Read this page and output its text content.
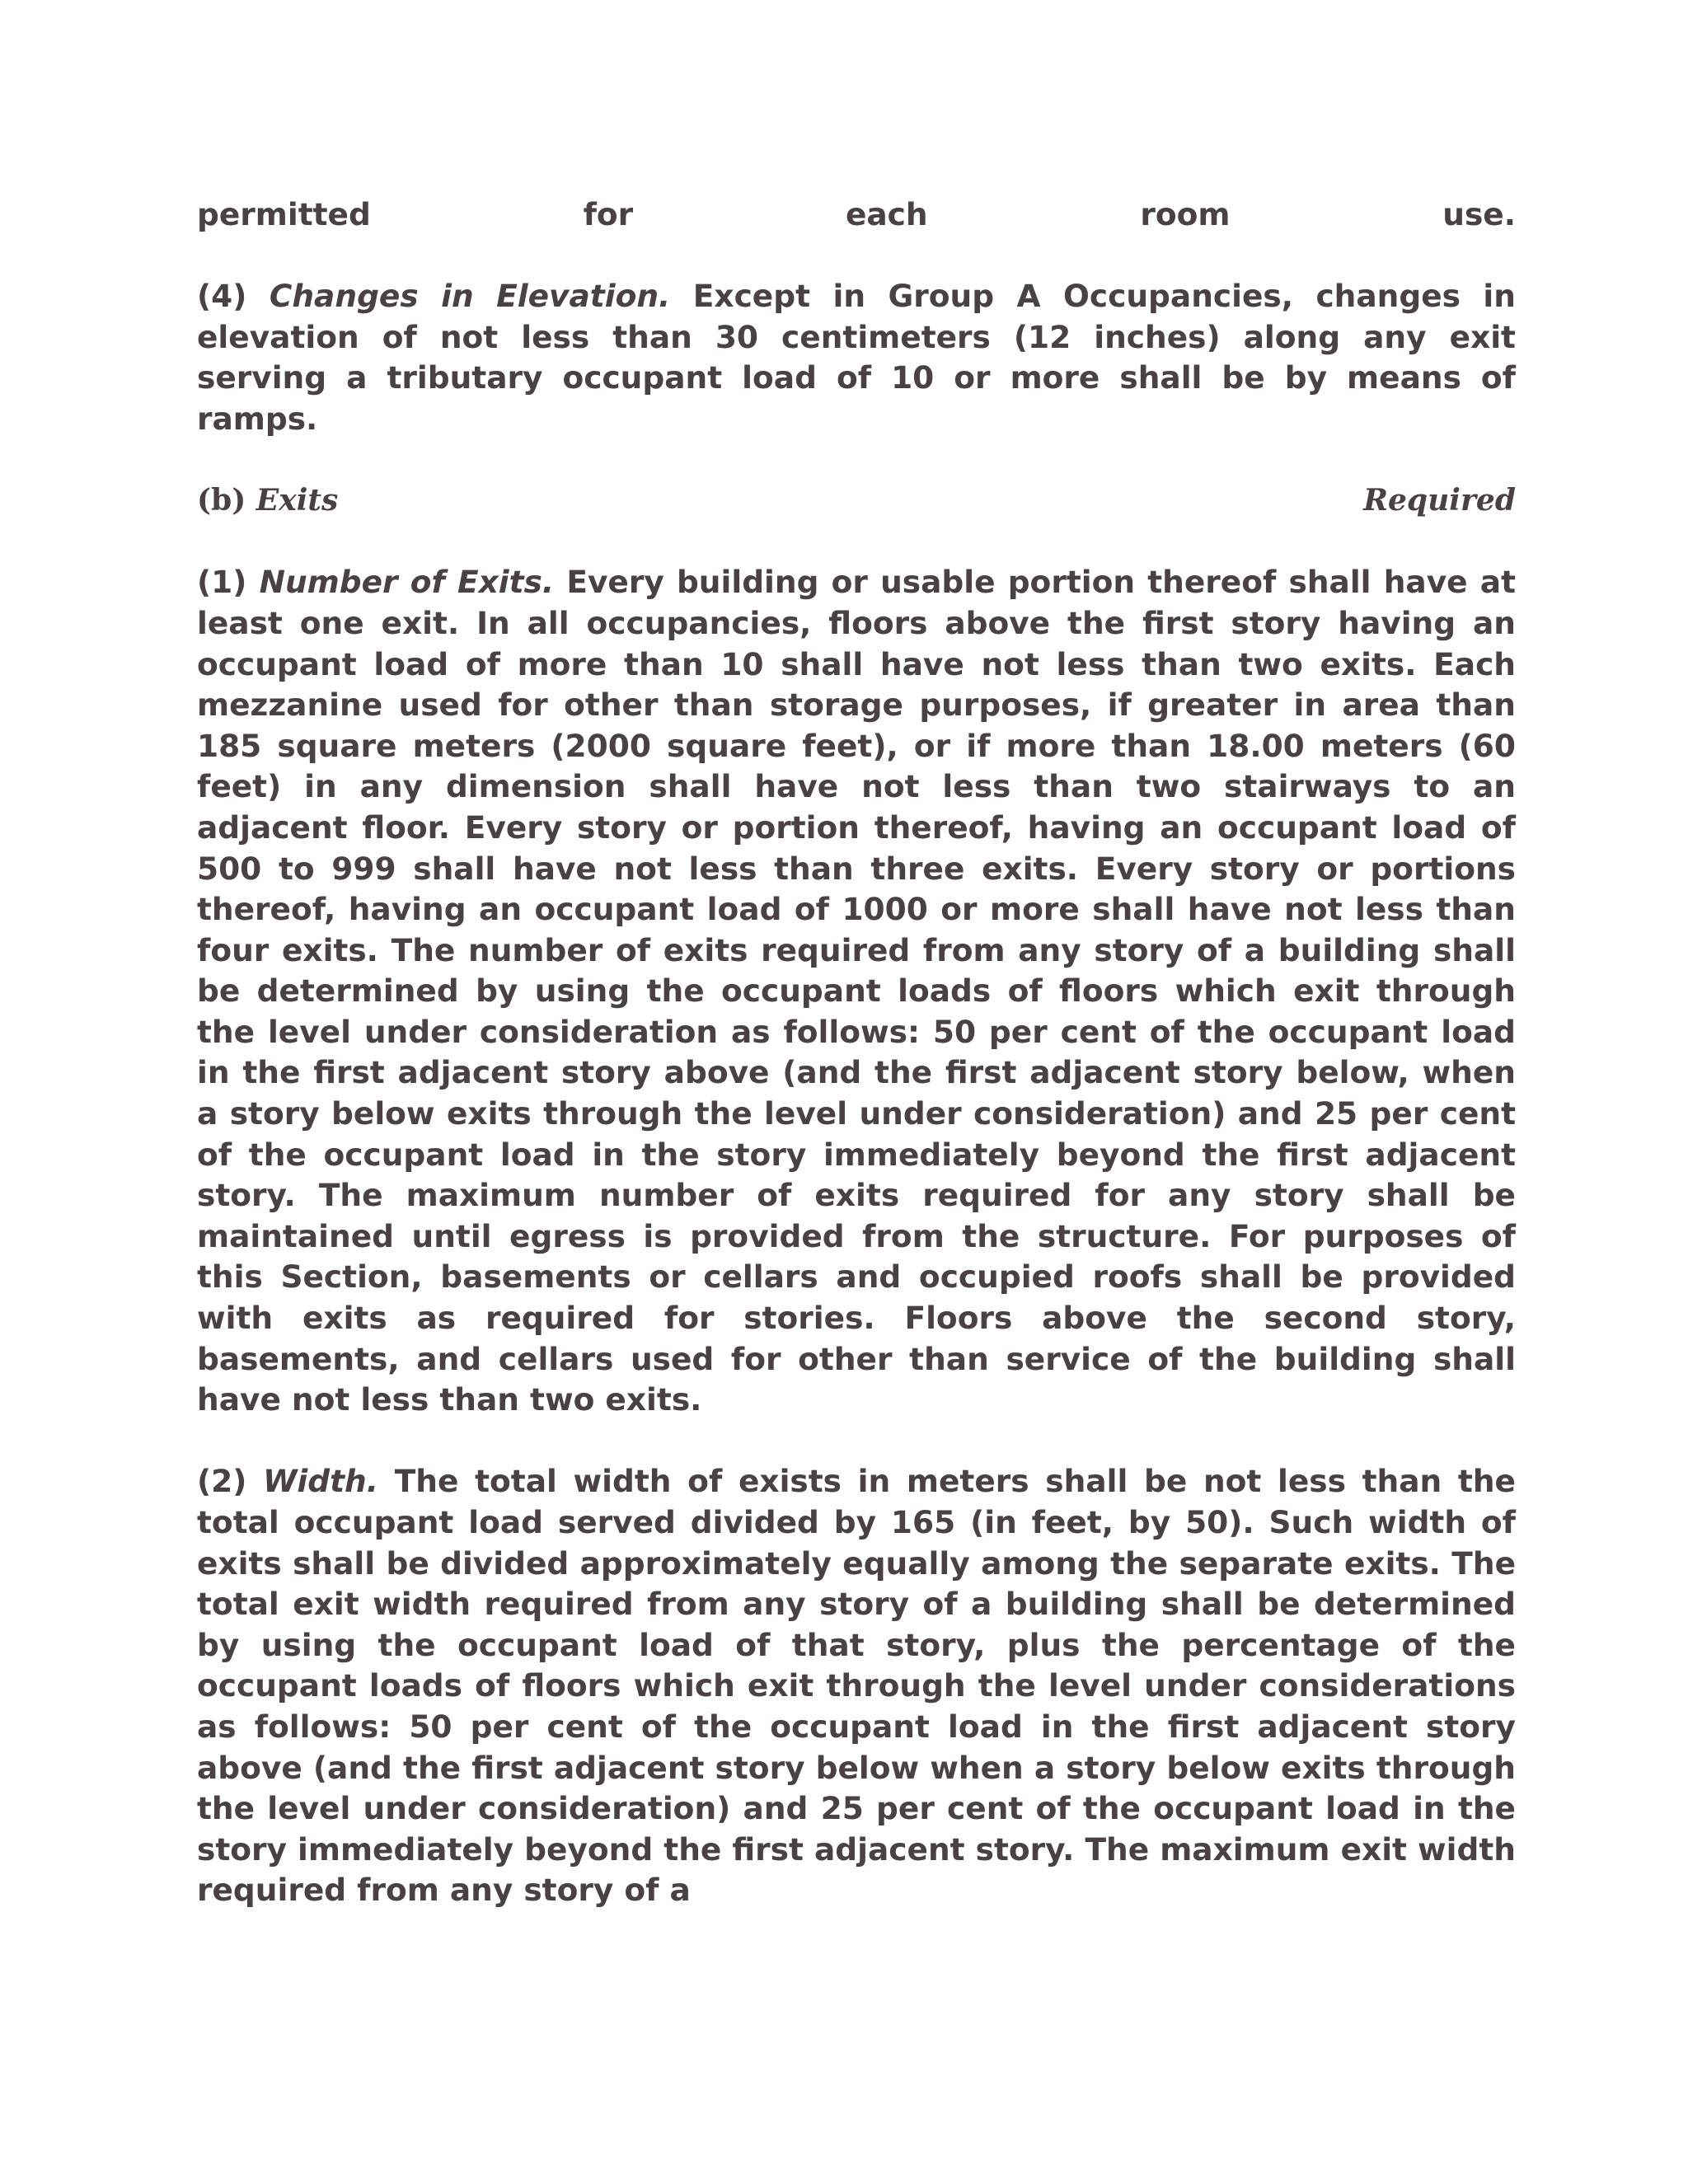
permitted	for	each	room	use.

(4) Changes in Elevation. Except in Group A Occupancies, changes in elevation of not less than 30 centimeters (12 inches) along any exit serving a tributary occupant load of 10 or more shall be by means of ramps.

(b) Exits	Required

(1) Number of Exits. Every building or usable portion thereof shall have at least one exit. In all occupancies, floors above the first story having an occupant load of more than 10 shall have not less than two exits. Each mezzanine used for other than storage purposes, if greater in area than 185 square meters (2000 square feet), or if more than 18.00 meters (60 feet) in any dimension shall have not less than two stairways to an adjacent floor. Every story or portion thereof, having an occupant load of 500 to 999 shall have not less than three exits. Every story or portions thereof, having an occupant load of 1000 or more shall have not less than four exits. The number of exits required from any story of a building shall be determined by using the occupant loads of floors which exit through the level under consideration as follows: 50 per cent of the occupant load in the first adjacent story above (and the first adjacent story below, when a story below exits through the level under consideration) and 25 per cent of the occupant load in the story immediately beyond the first adjacent story. The maximum number of exits required for any story shall be maintained until egress is provided from the structure. For purposes of this Section, basements or cellars and occupied roofs shall be provided with exits as required for stories. Floors above the second story, basements, and cellars used for other than service of the building shall have not less than two exits.

(2) Width. The total width of exists in meters shall be not less than the total occupant load served divided by 165 (in feet, by 50). Such width of exits shall be divided approximately equally among the separate exits. The total exit width required from any story of a building shall be determined by using the occupant load of that story, plus the percentage of the occupant loads of floors which exit through the level under considerations as follows: 50 per cent of the occupant load in the first adjacent story above (and the first adjacent story below when a story below exits through the level under consideration) and 25 per cent of the occupant load in the story immediately beyond the first adjacent story. The maximum exit width required from any story of a
